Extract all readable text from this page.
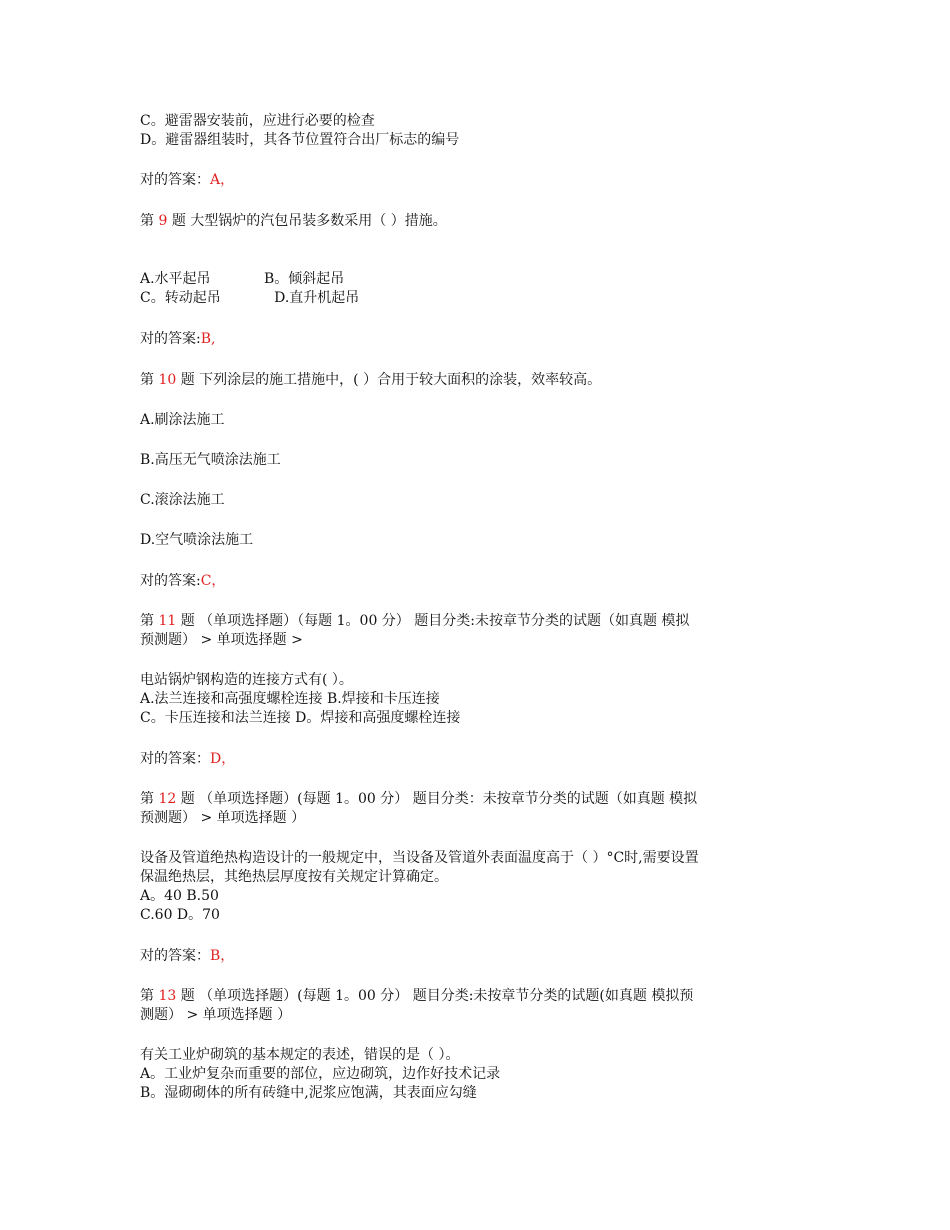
C。避雷器安装前，应进行必要的检查
D。避雷器组装时，其各节位置符合出厂标志的编号
对的答案：A，
第 9 题 大型锅炉的汽包吊装多数采用（ ）措施。
A.水平起吊            B。倾斜起吊
C。转动起吊            D.直升机起吊
对的答案:B,
第 10 题 下列涂层的施工措施中，( ）合用于较大面积的涂装，效率较高。
A.刷涂法施工
B.高压无气喷涂法施工
C.滚涂法施工
D.空气喷涂法施工
对的答案:C，
第 11 题 （单项选择题）（每题 1。00 分） 题目分类:未按章节分类的试题（如真题 模拟
预测题） > 单项选择题 >
电站锅炉钢构造的连接方式有( ）。
A.法兰连接和高强度螺栓连接 B.焊接和卡压连接
C。卡压连接和法兰连接 D。焊接和高强度螺栓连接
对的答案：D，
第 12 题 （单项选择题）(每题 1。00 分） 题目分类：未按章节分类的试题（如真题 模拟
预测题） > 单项选择题 ）
设备及管道绝热构造设计的一般规定中，当设备及管道外表面温度高于（ ）°C时,需要设置
保温绝热层，其绝热层厚度按有关规定计算确定。
A。40 B.50
C.60 D。70
对的答案：B，
第 13 题 （单项选择题）(每题 1。00 分） 题目分类:未按章节分类的试题(如真题 模拟预
测题） > 单项选择题 ）
有关工业炉砌筑的基本规定的表述，错误的是（ ）。
A。工业炉复杂而重要的部位，应边砌筑，边作好技术记录
B。湿砌砌体的所有砖缝中,泥浆应饱满，其表面应勾缝
